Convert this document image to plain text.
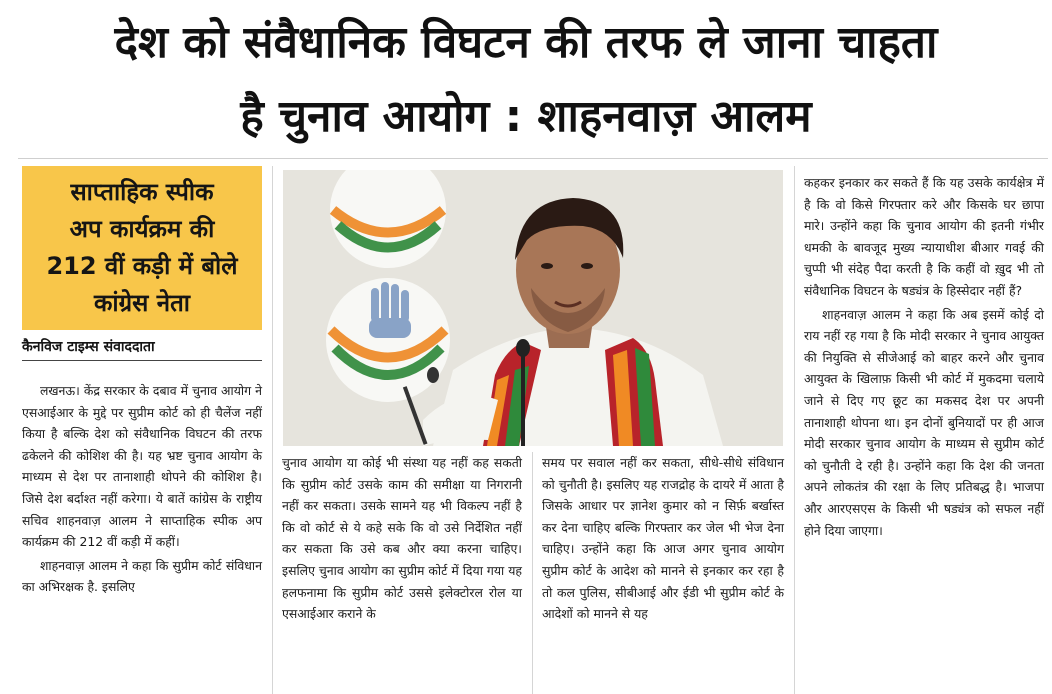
देश को संवैधानिक विघटन की तरफ ले जाना चाहता
है चुनाव आयोग : शाहनवाज़ आलम
साप्ताहिक स्पीक
अप कार्यक्रम की
212 वीं कड़ी में बोले
कांग्रेस नेता
कैनविज टाइम्स संवाददाता

लखनऊ। केंद्र सरकार के दबाव में चुनाव आयोग ने एसआईआर के मुद्दे पर सुप्रीम कोर्ट को ही चैलेंज नहीं किया है बल्कि देश को संवैधानिक विघटन की तरफ ढकेलने की कोशिश की है। यह भ्रष्ट चुनाव आयोग के माध्यम से देश पर तानाशाही थोपने की कोशिश है। जिसे देश बर्दाश्त नहीं करेगा। ये बातें कांग्रेस के राष्ट्रीय सचिव शाहनवाज़ आलम ने साप्ताहिक स्पीक अप कार्यक्रम की 212 वीं कड़ी में कहीं।

शाहनवाज़ आलम ने कहा कि सुप्रीम कोर्ट संविधान का अभिरक्षक है. इसलिए

चुनाव आयोग या कोई भी संस्था यह नहीं कह सकती कि सुप्रीम कोर्ट उसके काम की समीक्षा या निगरानी नहीं कर सकता। उसके सामने यह भी विकल्प नहीं है कि वो कोर्ट से ये कहे सके कि वो उसे निर्देशित नहीं कर सकता कि उसे कब और क्या करना चाहिए। इसलिए चुनाव आयोग का सुप्रीम कोर्ट में दिया गया यह हलफनामा कि सुप्रीम कोर्ट उससे इलेक्टोरल रोल या एसआईआर कराने के

समय पर सवाल नहीं कर सकता, सीधे-सीधे संविधान को चुनौती है। इसलिए यह राजद्रोह के दायरे में आता है जिसके आधार पर ज्ञानेश कुमार को न सिर्फ़ बर्खास्त कर देना चाहिए बल्कि गिरफ्तार कर जेल भी भेज देना चाहिए। उन्होंने कहा कि आज अगर चुनाव आयोग सुप्रीम कोर्ट के आदेश को मानने से इनकार कर रहा है तो कल पुलिस, सीबीआई और ईडी भी सुप्रीम कोर्ट के आदेशों को मानने से यह

कहकर इनकार कर सकते हैं कि यह उसके कार्यक्षेत्र में है कि वो किसे गिरफ्तार करे और किसके घर छापा मारे। उन्होंने कहा कि चुनाव आयोग की इतनी गंभीर धमकी के बावजूद मुख्य न्यायाधीश बीआर गवई की चुप्पी भी संदेह पैदा करती है कि कहीं वो ख़ुद भी तो संवैधानिक विघटन के षड्यंत्र के हिस्सेदार नहीं हैं?

शाहनवाज़ आलम ने कहा कि अब इसमें कोई दो राय नहीं रह गया है कि मोदी सरकार ने चुनाव आयुक्त की नियुक्ति से सीजेआई को बाहर करने और चुनाव आयुक्त के खिलाफ़ किसी भी कोर्ट में मुकदमा चलाये जाने से दिए गए छूट का मकसद देश पर अपनी तानाशाही थोपना था। इन दोनों बुनियादों पर ही आज मोदी सरकार चुनाव आयोग के माध्यम से सुप्रीम कोर्ट को चुनौती दे रही है। उन्होंने कहा कि देश की जनता अपने लोकतंत्र की रक्षा के लिए प्रतिबद्ध है। भाजपा और आरएसएस के किसी भी षड्यंत्र को सफल नहीं होने दिया जाएगा।
